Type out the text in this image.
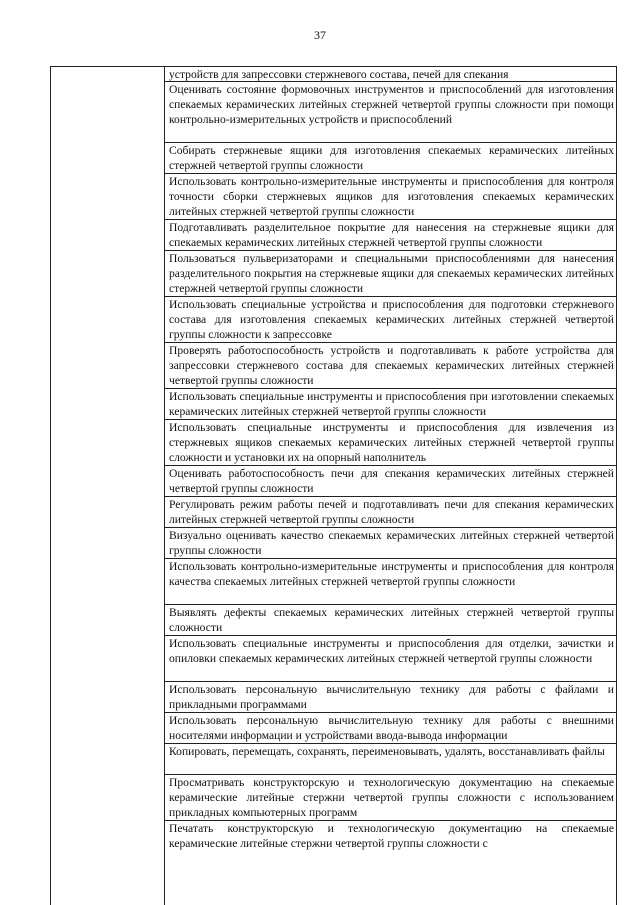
37
устройств для запрессовки стержневого состава, печей для спекания
Оценивать состояние формовочных инструментов и приспособлений для изготовления спекаемых керамических литейных стержней четвертой группы сложности при помощи контрольно-измерительных устройств и приспособлений
Собирать стержневые ящики для изготовления спекаемых керамических литейных стержней четвертой группы сложности
Использовать контрольно-измерительные инструменты и приспособления для контроля точности сборки стержневых ящиков для изготовления спекаемых керамических литейных стержней четвертой группы сложности
Подготавливать разделительное покрытие для нанесения на стержневые ящики для спекаемых керамических литейных стержней четвертой группы сложности
Пользоваться пульверизаторами и специальными приспособлениями для нанесения разделительного покрытия на стержневые ящики для спекаемых керамических литейных стержней четвертой группы сложности
Использовать специальные устройства и приспособления для подготовки стержневого состава для изготовления спекаемых керамических литейных стержней четвертой группы сложности к запрессовке
Проверять работоспособность устройств и подготавливать к работе устройства для запрессовки стержневого состава для спекаемых керамических литейных стержней четвертой группы сложности
Использовать специальные инструменты и приспособления при изготовлении спекаемых керамических литейных стержней четвертой группы сложности
Использовать специальные инструменты и приспособления для извлечения из стержневых ящиков спекаемых керамических литейных стержней четвертой группы сложности и установки их на опорный наполнитель
Оценивать работоспособность печи для спекания керамических литейных стержней четвертой группы сложности
Регулировать режим работы печей и подготавливать печи для спекания керамических литейных стержней четвертой группы сложности
Визуально оценивать качество спекаемых керамических литейных стержней четвертой группы сложности
Использовать контрольно-измерительные инструменты и приспособления для контроля качества спекаемых литейных стержней четвертой группы сложности
Выявлять дефекты спекаемых керамических литейных стержней четвертой группы сложности
Использовать специальные инструменты и приспособления для отделки, зачистки и опиловки спекаемых керамических литейных стержней четвертой группы сложности
Использовать персональную вычислительную технику для работы с файлами и прикладными программами
Использовать персональную вычислительную технику для работы с внешними носителями информации и устройствами ввода-вывода информации
Копировать, перемещать, сохранять, переименовывать, удалять, восстанавливать файлы
Просматривать конструкторскую и технологическую документацию на спекаемые керамические литейные стержни четвертой группы сложности с использованием прикладных компьютерных программ
Печатать конструкторскую и технологическую документацию на спекаемые керамические литейные стержни четвертой группы сложности с
